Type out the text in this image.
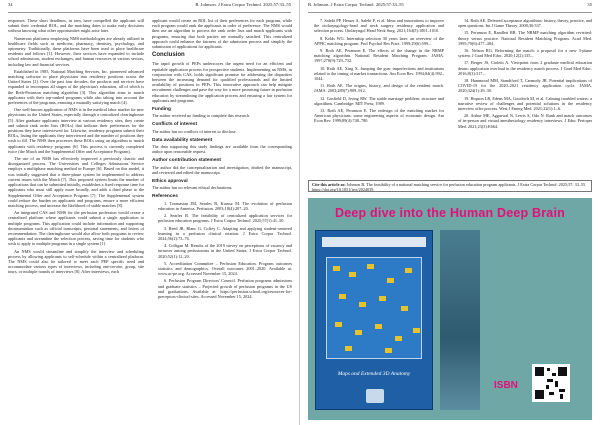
34	B. Johnson. J Extra Corpor Technol. 2025;57:33–55

responses. These short deadlines, in turn, have compelled the applicant will submit their credential ROL, and the matching dates to make early decisions without knowing what other opportunities might arise later.

Numerous platforms employing NMS methodologies are already utilized in healthcare fields such as medicine, pharmacy, dentistry, psychology, and optometry. Traditionally, these platforms have been used to place healthcare residents and fellows [1]. However, their services have expanded to include school admissions, student exchanges, and human resources in various sectors, including law and financial services.

Established in 1985, National Matching Services, Inc. pioneered advanced matching software to place physicians into residency positions across the United States [2]. Over the past four decades, the products and services have expanded to encompass all stages of the physician's education, all of which is the Roth-Peranson matching algorithm [3]. This algorithm aims to match applicants with their top-ranked programs while also taking into account the preferences of the programs, ensuring a mutually satisfying match [4].

One well-known application of NMS is in the medical labor market for new physicians in the United States, especially through a centralized clearinghouse [5]. After graduate applicants interview at various residency sites, they create and submit rank order lists (ROLs) that indicate their preferences for the positions they have interviewed for. Likewise, residency programs submit their ROLs, listing the applicants they interviewed and the number of positions they wish to fill. The NMS then processes these ROLs using an algorithm to match applicants with residency programs [6]. This process is currently completed twice (the Match and the Supplemental Offer and Acceptance Program).

The use of an NMS has effectively improved a previously chaotic and disorganized process. The Universities and Colleges Admissions Service employs a multiphase matching method in Europe [6]. Based on this model, it was initially suggested that a three-phase system be implemented to address current issues with the Match [7]. This proposed system limits the number of applications that can be submitted initially, establishes a fixed response time for applicants who must still apply more broadly, and adds a third phase to the Supplemental Offer and Acceptance Program [7]. The Supplemental system could reduce the burden on applicants and programs, ensure a more efficient matching process, and increase the likelihood of stable matches [8].

An integrated CAS and NMS for the perfusion profession would create a centralized platform where applicants could submit a single application to multiple programs. This application could include information and supporting documentation such as official transcripts, personal statements, and letters of recommendation. The clearinghouse would also allow both programs to review applicants and streamline the selection process, saving time for students who wish to apply to multiple programs in a single system [1].

An NMS would streamline and simplify the interview and scheduling process by allowing applicants to self-schedule within a centralized platform. The NMS could also be tailored to meet each PEP specific need and accommodate various types of interviews, including one-on-one, group, site tours, or multiple rounds of interviews [8]. After interviews, each

applicant would create an ROL list of their preferences for each program, while each program would rank the applicants in order of preference. The NMS would then use an algorithm to process the rank order lists and match applicants with programs, ensuring that both parties are mutually satisfied. This centralized approach could enhance the fairness of the admission process and simplify the submission of applications for applicants.

Conclusion

The rapid growth of PEPs underscores the urgent need for an efficient and equitable application process for prospective students. Implementing an NMS, in conjunction with CAS, holds significant promise for addressing the disparities between the increasing demand for qualified professionals and the limited availability of positions in PEPs. This innovative approach can help mitigate recruitment challenges and pave the way for a more promising future in perfusion education by streamlining the application process and ensuring a fair system for applicants and programs.

Funding

The author received no funding to complete this research.

Conflicts of interest

The author has no conflicts of interest to disclose.

Data availability statement

The data supporting this study findings are available from the corresponding author upon reasonable request.

Author contribution statement

The author did the conceptualization and investigation, drafted the manuscript, and reviewed and edited the manuscript.

Ethics approval

The author has no relevant ethical declarations.

References

1. Toomasian JM, Searles B, Kurusz M. The evolution of perfusion education in America. Perfusion. 2003;18(4):207–20.

2. Searles B. The feasibility of centralized application services for perfusion education programs. J Extra Corpor Technol. 2025;57(1):41–50.

3. Reed JR, Blanc G, Coffey C. Adapting and applying student-centered learning in a perfusion clinical rotation. J Extra Corpor Technol. 2024;56(2):73–76.

4. Colligan M. Results of the 2019 survey on perceptions of vacancy and turnover among perfusionists in the United States. J Extra Corpor Technol. 2020;52(1):12–20.

5. Accreditation Committee – Perfusion Education. Program outcomes statistics and demographics. Overall outcomes 2001–2020. Available at: www.ac-pe.org. Accessed November 15, 2024.

6. Perfusion Program Directors' Council. Perfusion programs admissions and graduate statistics – Projected growth of perfusion programs in the US and graduations. Available at: https://perfusion.school.org/resources-for-preceptors-clinical-sites. Accessed November 15, 2024.

B. Johnson. J Extra Corpor Technol. 2025;57:33–55	35

7. Salebi PP, Hesser A, Salebi P, et al. Ideas and innovations to improve the otolaryngology-head and neck surgery residency application and selection process. Otolaryngol Head Neck Surg. 2021;164(5):1001–1010.

8. Kelds WG. Internship selection 30 years later: an overview of the APPIC matching program. Prof Psychol Res Pract. 1999;29(6):599–.

9. Roth AE, Peranson E. The effects of the change in the NRMP matching algorithm. National Resident Matching Program. JAMA. 1997;278(9):729–732.

10. Roth AE, Xing X. Jumping the gun: imperfections and institutions related to the timing of market transactions. Am Econ Rev. 1994;84(4):992–1044.

11. Roth AE. The origins, history, and design of the resident match. JAMA. 2003;289(7):909–912.

12. Gusfield D, Irving RW. The stable marriage problem: structure and algorithms. Cambridge: MIT Press; 1989.

13. Roth AE, Peranson E. The redesign of the matching market for American physicians: some engineering aspects of economic design. Am Econ Rev. 1999;89(4):748–780.

14. Roth AE. Deferred acceptance algorithms: history, theory, practice, and open questions. Int J Game Theory. 2008;36:537.

15. Peranson E, Randlett RR. The NRMP matching algorithm revisited: theory versus practice. National Resident Matching Program. Acad Med. 1995;70(6):477–484.

16. Nelson RG. Reforming the match: a proposal for a new 3-phase system. J Grad Med Educ. 2020;12(2):135–.

17. Berger JS, Cioletti A. Viewpoint from 2 graduate medical education deans: application overload in the residency match process. J Grad Med Educ. 2016;8(3):317–.

18. Hammoud MM, Standiford T, Carmody JB. Potential implications of COVID-19 for the 2020–2021 residency application cycle. JAMA. 2020;324(1):29–30.

19. Hopson LR, Edens MA, Goodrich M, et al. Calming troubled waters: a narrative review of challenges and potential solutions in the residency interview offer process. West J Emerg Med. 2021;22(1):1–6.

20. Arthur ME, Aggarwal N, Lewis S, Odo N. Rank and match outcomes of in-person and virtual anesthesiology residency interviews. J Educ Perioper Med. 2021;23(3):E664.

Cite this article as: Johnson B. The feasibility of a national matching service for perfusion education program applicants. J Extra Corpor Technol. 2025;57: 33–55. https://doi.org/10.1051/ject/2024039.
Deep dive into the Human Deep Brain
Maps and Extended 3D Anatomy
ISBN
